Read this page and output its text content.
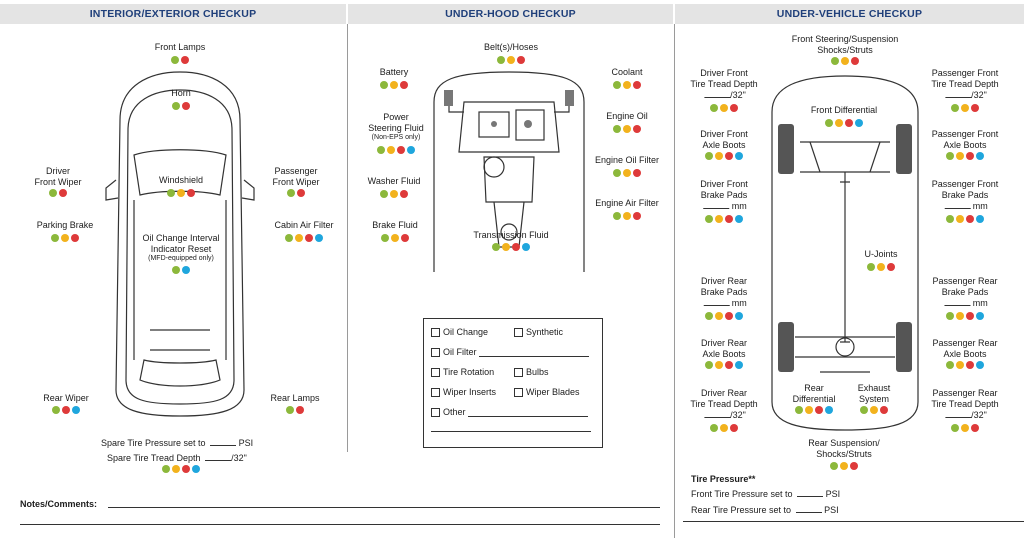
INTERIOR/EXTERIOR CHECKUP	UNDER-HOOD CHECKUP	UNDER-VEHICLE CHECKUP
Front Lamps
Horn
Windshield
Driver
Front Wiper
Passenger
Front Wiper
Parking Brake	Cabin Air Filter
Oil Change Interval
Indicator Reset
(MFD-equipped only)
Rear Wiper	Rear Lamps
Spare Tire Pressure set to	PSI
Spare Tire Tread Depth	/32"
Belt(s)/Hoses
Battery	Coolant
Power
Steering Fluid
(Non-EPS only)
Engine Oil
Engine Oil Filter
Washer Fluid
Engine Air Filter
Brake Fluid
Transmission Fluid
Oil Change	Synthetic
Oil Filter
Tire Rotation	Bulbs
Wiper Inserts	Wiper Blades
Other
Front Steering/Suspension
Shocks/Struts
Driver Front
Tire Tread Depth
/32"
Passenger Front
Tire Tread Depth
/32"
Front Differential
Driver Front
Axle Boots
Passenger Front
Axle Boots
Driver Front
Brake Pads
mm
Passenger Front
Brake Pads
mm
U-Joints
Driver Rear
Brake Pads
mm
Passenger Rear
Brake Pads
mm
Driver Rear
Axle Boots
Passenger Rear
Axle Boots
Rear
Differential
Exhaust
System
Driver Rear
Tire Tread Depth
/32"
Passenger Rear
Tire Tread Depth
/32"
Rear Suspension/
Shocks/Struts
Tire Pressure**
Front Tire Pressure set to	PSI
Rear Tire Pressure set to	PSI
Notes/Comments:
